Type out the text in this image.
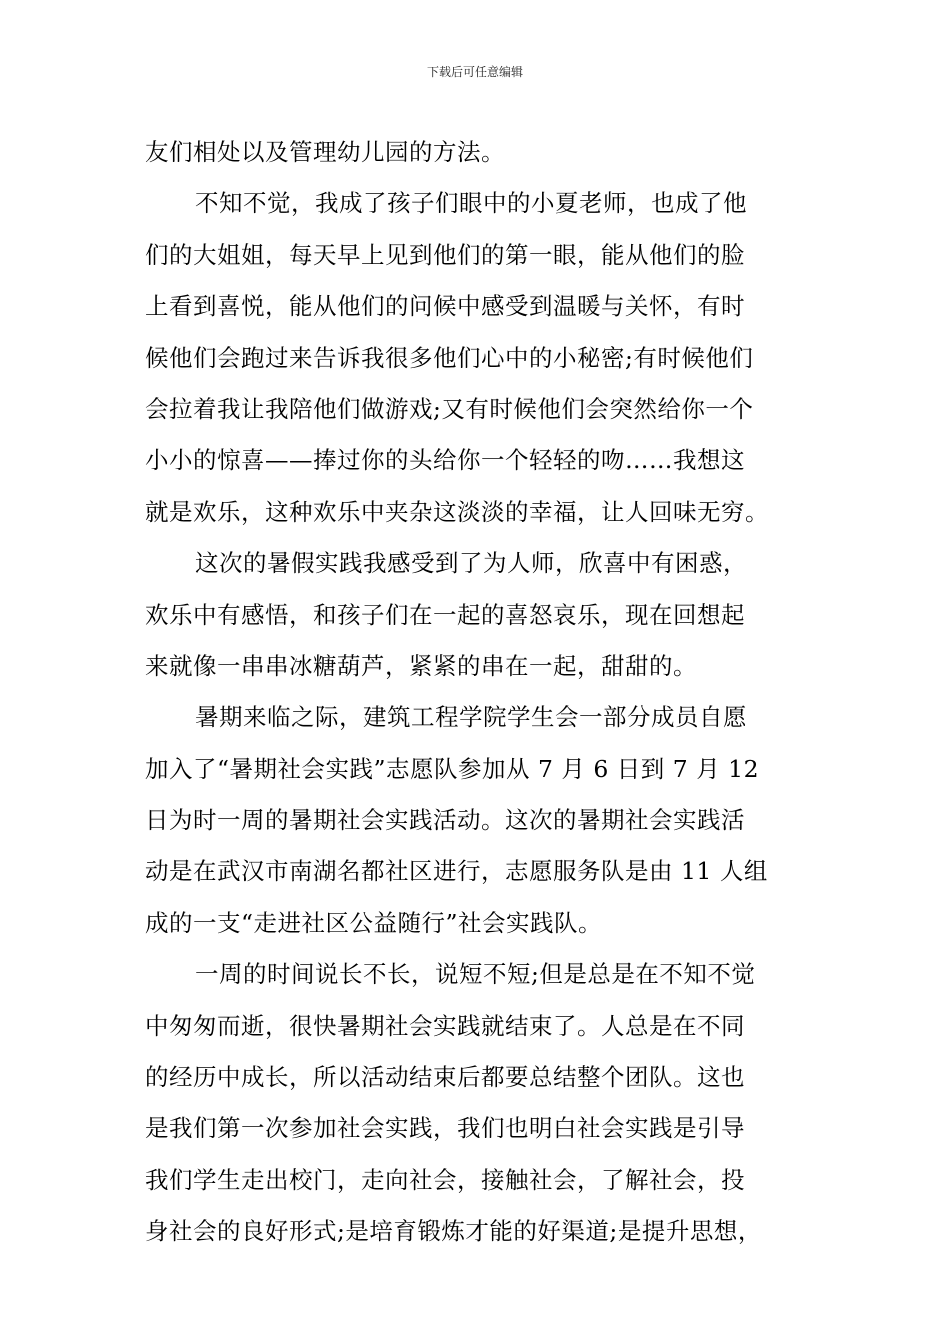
下载后可任意编辑
友们相处以及管理幼儿园的方法。
不知不觉，我成了孩子们眼中的小夏老师，也成了他
们的大姐姐，每天早上见到他们的第一眼，能从他们的脸
上看到喜悦，能从他们的问候中感受到温暖与关怀，有时
候他们会跑过来告诉我很多他们心中的小秘密;有时候他们
会拉着我让我陪他们做游戏;又有时候他们会突然给你一个
小小的惊喜——捧过你的头给你一个轻轻的吻……我想这
就是欢乐，这种欢乐中夹杂这淡淡的幸福，让人回味无穷。
这次的暑假实践我感受到了为人师，欣喜中有困惑，
欢乐中有感悟，和孩子们在一起的喜怒哀乐，现在回想起
来就像一串串冰糖葫芦，紧紧的串在一起，甜甜的。
暑期来临之际，建筑工程学院学生会一部分成员自愿
加入了“暑期社会实践”志愿队参加从 7 月 6 日到 7 月 12
日为时一周的暑期社会实践活动。这次的暑期社会实践活
动是在武汉市南湖名都社区进行，志愿服务队是由 11 人组
成的一支“走进社区公益随行”社会实践队。
一周的时间说长不长，说短不短;但是总是在不知不觉
中匆匆而逝，很快暑期社会实践就结束了。人总是在不同
的经历中成长，所以活动结束后都要总结整个团队。这也
是我们第一次参加社会实践，我们也明白社会实践是引导
我们学生走出校门，走向社会，接触社会，了解社会，投
身社会的良好形式;是培育锻炼才能的好渠道;是提升思想，
